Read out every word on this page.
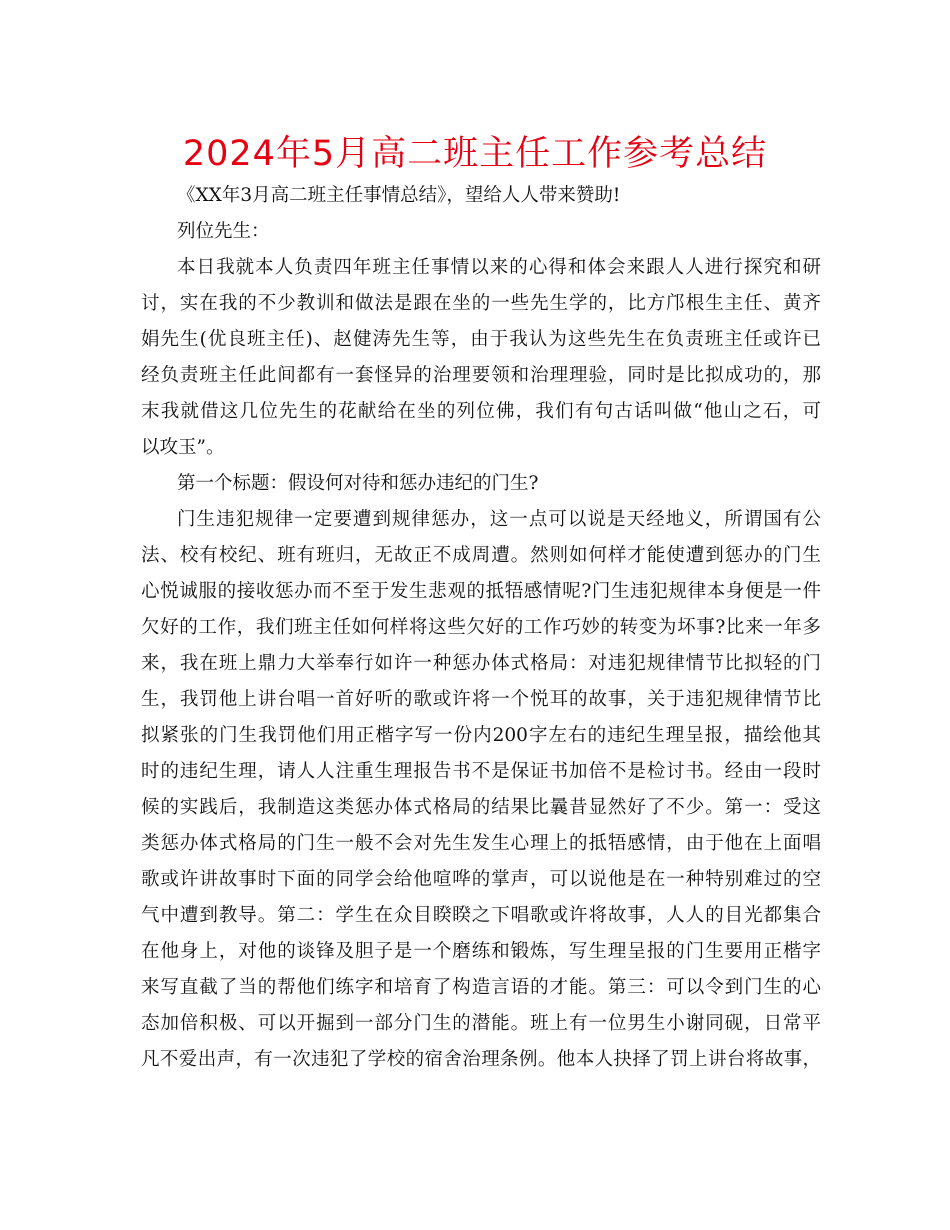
2024年5月高二班主任工作参考总结
《XX年3月高二班主任事情总结》，望给人人带来赞助!
列位先生：
本日我就本人负责四年班主任事情以来的心得和体会来跟人人进行探究和研
讨，实在我的不少教训和做法是跟在坐的一些先生学的，比方邝根生主任、黄齐
娟先生(优良班主任)、赵健涛先生等，由于我认为这些先生在负责班主任或许已
经负责班主任此间都有一套怪异的治理要领和治理理验，同时是比拟成功的，那
末我就借这几位先生的花献给在坐的列位佛，我们有句古话叫做“他山之石，可
以攻玉”。
第一个标题：假设何对待和惩办违纪的门生?
门生违犯规律一定要遭到规律惩办，这一点可以说是天经地义，所谓国有公
法、校有校纪、班有班归，无故正不成周遭。然则如何样才能使遭到惩办的门生
心悦诚服的接收惩办而不至于发生悲观的抵牾感情呢?门生违犯规律本身便是一件
欠好的工作，我们班主任如何样将这些欠好的工作巧妙的转变为坏事?比来一年多
来，我在班上鼎力大举奉行如许一种惩办体式格局：对违犯规律情节比拟轻的门
生，我罚他上讲台唱一首好听的歌或许将一个悦耳的故事，关于违犯规律情节比
拟紧张的门生我罚他们用正楷字写一份内200字左右的违纪生理呈报，描绘他其
时的违纪生理，请人人注重生理报告书不是保证书加倍不是检讨书。经由一段时
候的实践后，我制造这类惩办体式格局的结果比曩昔显然好了不少。第一：受这
类惩办体式格局的门生一般不会对先生发生心理上的抵牾感情，由于他在上面唱
歌或许讲故事时下面的同学会给他喧哗的掌声，可以说他是在一种特别难过的空
气中遭到教导。第二：学生在众目睽睽之下唱歌或许将故事，人人的目光都集合
在他身上，对他的谈锋及胆子是一个磨练和锻炼，写生理呈报的门生要用正楷字
来写直截了当的帮他们练字和培育了构造言语的才能。第三：可以令到门生的心
态加倍积极、可以开掘到一部分门生的潜能。班上有一位男生小谢同砚，日常平
凡不爱出声，有一次违犯了学校的宿舍治理条例。他本人抉择了罚上讲台将故事，
